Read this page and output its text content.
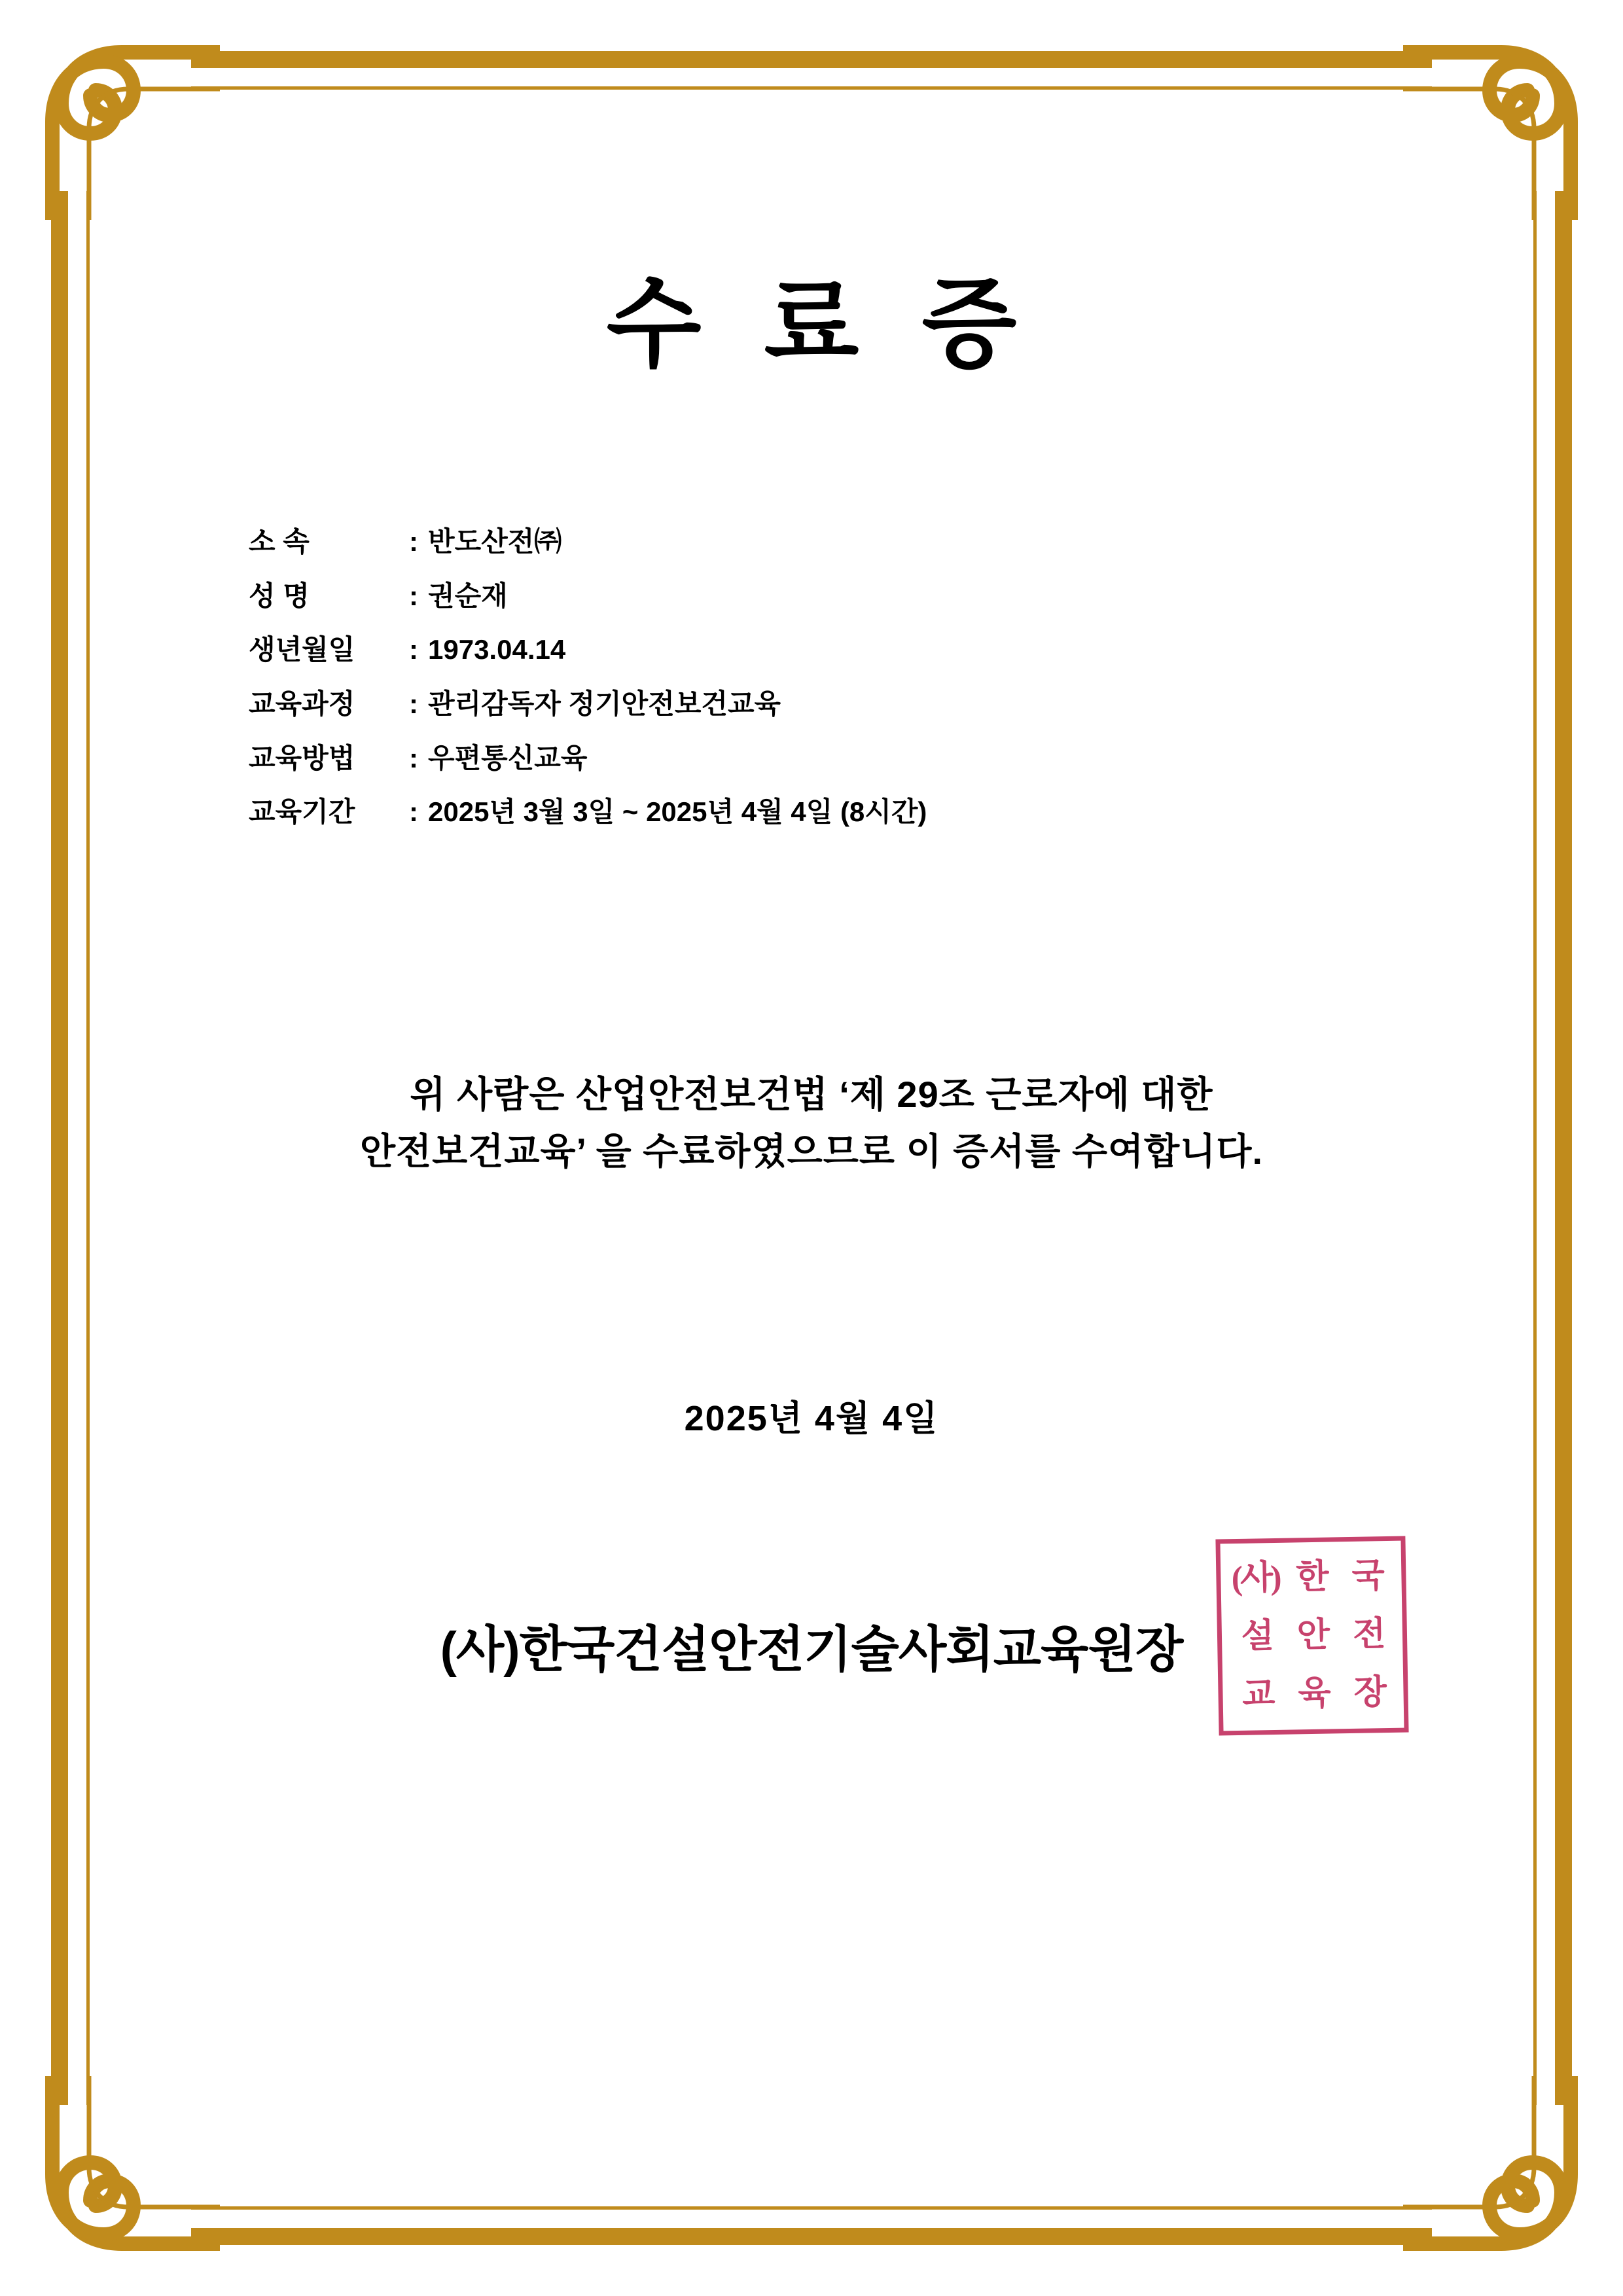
수료증
소 속	: 반도산전㈜
성 명	: 권순재
생년월일	: 1973.04.14
교육과정	: 관리감독자 정기안전보건교육
교육방법	: 우편통신교육
교육기간	: 2025년 3월 3일 ~ 2025년 4월 4일 (8시간)
위 사람은 산업안전보건법 ‘제 29조 근로자에 대한
안전보건교육’ 을 수료하였으므로 이 증서를 수여합니다.
2025년 4월 4일
(사)한국건설안전기술사회교육원장
(사) 한 국
설 안 전
교 육 장
